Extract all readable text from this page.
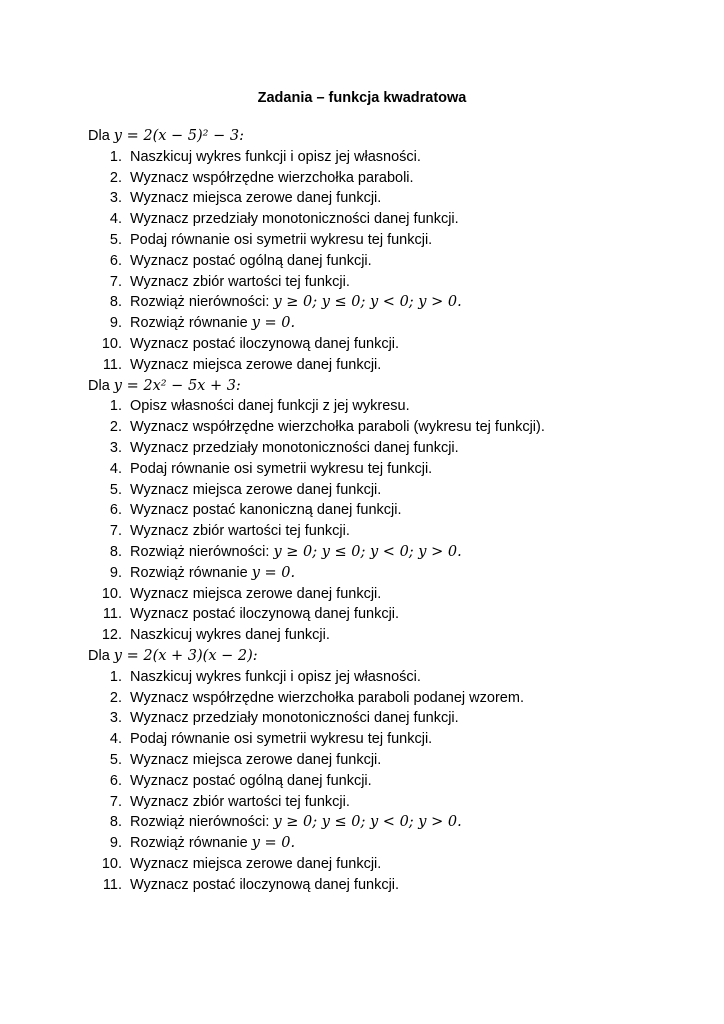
Zadania – funkcja kwadratowa
Dla y = 2(x − 5)² − 3:
1. Naszkicuj wykres funkcji i opisz jej własności.
2. Wyznacz współrzędne wierzchołka paraboli.
3. Wyznacz miejsca zerowe danej funkcji.
4. Wyznacz przedziały monotoniczności danej funkcji.
5. Podaj równanie osi symetrii wykresu tej funkcji.
6. Wyznacz postać ogólną danej funkcji.
7. Wyznacz zbiór wartości tej funkcji.
8. Rozwiąż nierówności: y ≥ 0; y ≤ 0; y < 0; y > 0.
9. Rozwiąż równanie y = 0.
10. Wyznacz postać iloczynową danej funkcji.
11. Wyznacz miejsca zerowe danej funkcji.
Dla y = 2x² − 5x + 3:
1. Opisz własności danej funkcji z jej wykresu.
2. Wyznacz współrzędne wierzchołka paraboli (wykresu tej funkcji).
3. Wyznacz przedziały monotoniczności danej funkcji.
4. Podaj równanie osi symetrii wykresu tej funkcji.
5. Wyznacz miejsca zerowe danej funkcji.
6. Wyznacz postać kanoniczną danej funkcji.
7. Wyznacz zbiór wartości tej funkcji.
8. Rozwiąż nierówności: y ≥ 0; y ≤ 0; y < 0; y > 0.
9. Rozwiąż równanie y = 0.
10. Wyznacz miejsca zerowe danej funkcji.
11. Wyznacz postać iloczynową danej funkcji.
12. Naszkicuj wykres danej funkcji.
Dla y = 2(x + 3)(x − 2):
1. Naszkicuj wykres funkcji i opisz jej własności.
2. Wyznacz współrzędne wierzchołka paraboli podanej wzorem.
3. Wyznacz przedziały monotoniczności danej funkcji.
4. Podaj równanie osi symetrii wykresu tej funkcji.
5. Wyznacz miejsca zerowe danej funkcji.
6. Wyznacz postać ogólną danej funkcji.
7. Wyznacz zbiór wartości tej funkcji.
8. Rozwiąż nierówności: y ≥ 0; y ≤ 0; y < 0; y > 0.
9. Rozwiąż równanie y = 0.
10. Wyznacz miejsca zerowe danej funkcji.
11. Wyznacz postać iloczynową danej funkcji.
